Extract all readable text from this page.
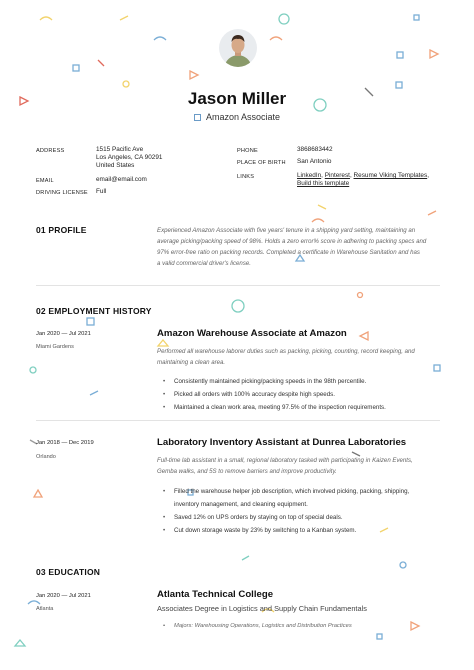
Jason Miller
Amazon Associate
ADDRESS	1515 Pacific Ave
Los Angeles, CA 90291
United States
EMAIL	email@email.com
DRIVING LICENSE Full
PHONE	3868683442
PLACE OF BIRTH San Antonio
LINKS	LinkedIn, Pinterest, Resume Viking Templates, Build this template
01 PROFILE	Experienced Amazon Associate with five years' tenure in a shipping yard setting, maintaining an
average picking/packing speed of 98%. Holds a zero error% score in adhering to packing specs and
97% error-free ratio on packing records. Completed a certificate in Warehouse Sanitation and has
a valid commercial driver's license.
02 EMPLOYMENT HISTORY
Jan 2020 — Jul 2021
Miami Gardens
Amazon Warehouse Associate at Amazon
Performed all warehouse laborer duties such as packing, picking, counting, record keeping, and
maintaining a clean area.
• Consistently maintained picking/packing speeds in the 98th percentile.
• Picked all orders with 100% accuracy despite high speeds.
• Maintained a clean work area, meeting 97.5% of the inspection requirements.
Jan 2018 — Dec 2019
Orlando
Laboratory Inventory Assistant at Dunrea Laboratories
Full-time lab assistant in a small, regional laboratory tasked with participating in Kaizen Events,
Gemba walks, and 5S to remove barriers and improve productivity.
• Filled the warehouse helper job description, which involved picking, packing, shipping,
inventory management, and cleaning equipment.
• Saved 12% on UPS orders by staying on top of special deals.
• Cut down storage waste by 23% by switching to a Kanban system.
03 EDUCATION
Jan 2020 — Jul 2021
Atlanta
Atlanta Technical College
Associates Degree in Logistics and Supply Chain Fundamentals
• Majors: Warehousing Operations, Logistics and Distribution Practices
